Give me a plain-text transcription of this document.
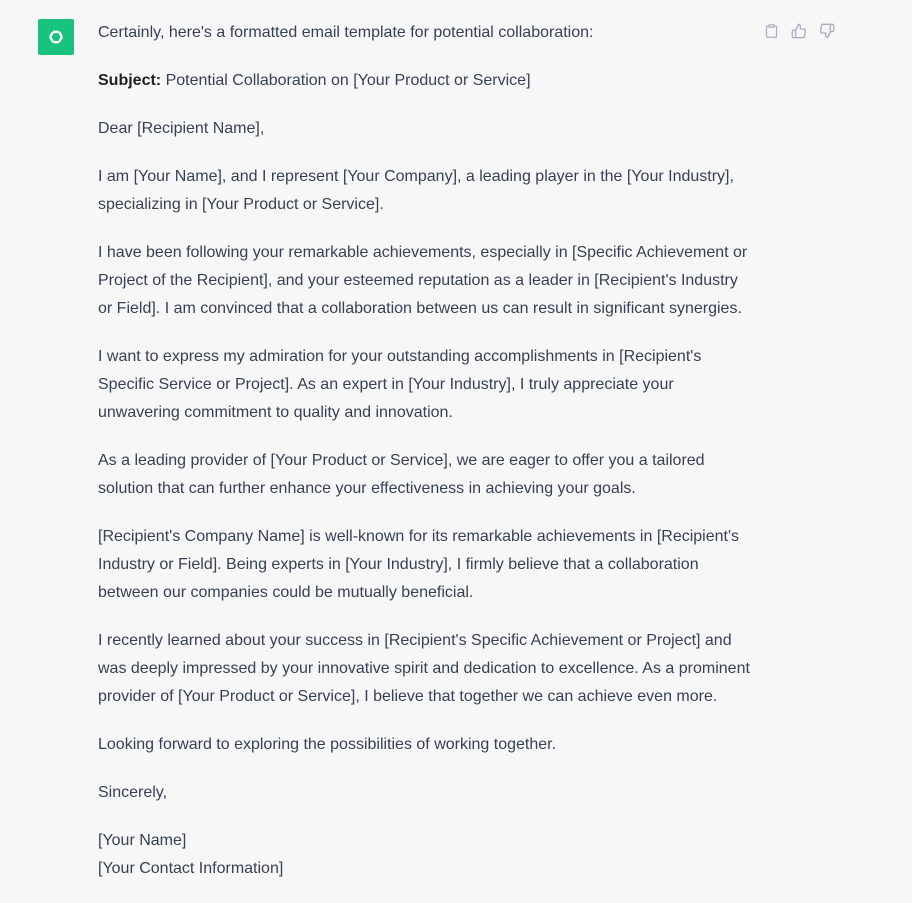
Certainly, here's a formatted email template for potential collaboration:

Subject: Potential Collaboration on [Your Product or Service]

Dear [Recipient Name],

I am [Your Name], and I represent [Your Company], a leading player in the [Your Industry], specializing in [Your Product or Service].

I have been following your remarkable achievements, especially in [Specific Achievement or Project of the Recipient], and your esteemed reputation as a leader in [Recipient's Industry or Field]. I am convinced that a collaboration between us can result in significant synergies.

I want to express my admiration for your outstanding accomplishments in [Recipient's Specific Service or Project]. As an expert in [Your Industry], I truly appreciate your unwavering commitment to quality and innovation.

As a leading provider of [Your Product or Service], we are eager to offer you a tailored solution that can further enhance your effectiveness in achieving your goals.

[Recipient's Company Name] is well-known for its remarkable achievements in [Recipient's Industry or Field]. Being experts in [Your Industry], I firmly believe that a collaboration between our companies could be mutually beneficial.

I recently learned about your success in [Recipient's Specific Achievement or Project] and was deeply impressed by your innovative spirit and dedication to excellence. As a prominent provider of [Your Product or Service], I believe that together we can achieve even more.

Looking forward to exploring the possibilities of working together.

Sincerely,

[Your Name]
[Your Contact Information]
